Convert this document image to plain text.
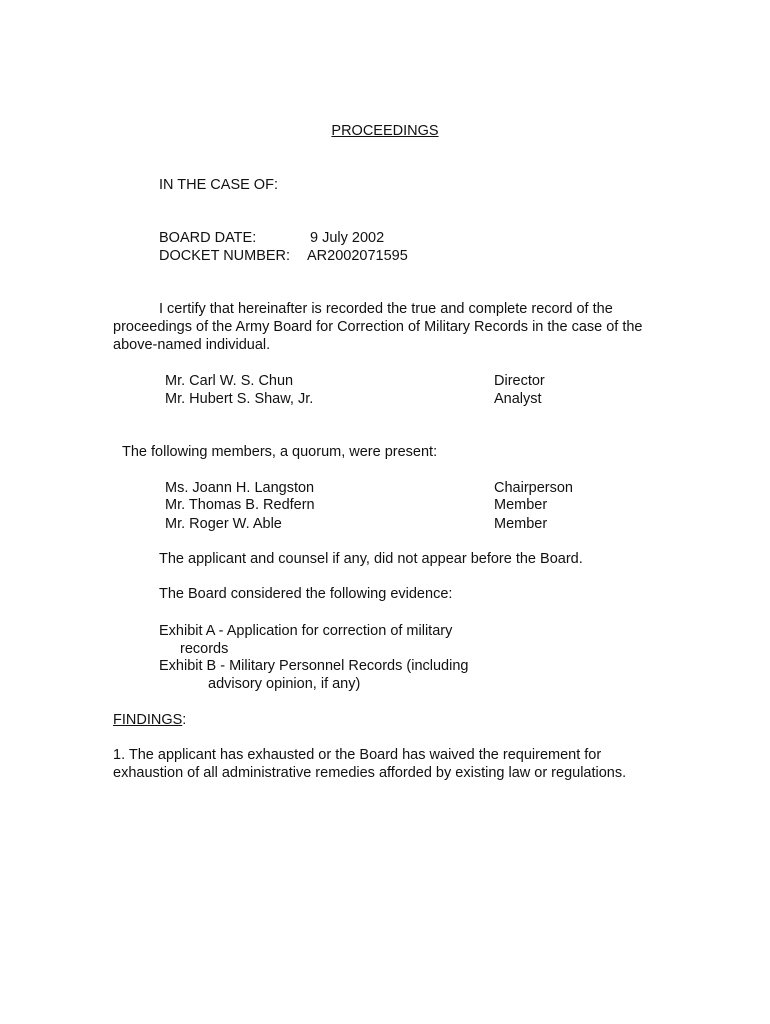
PROCEEDINGS
IN THE CASE OF:
BOARD DATE:	9 July 2002
DOCKET NUMBER: AR2002071595
I certify that hereinafter is recorded the true and complete record of the proceedings of the Army Board for Correction of Military Records in the case of the above-named individual.
Mr. Carl W. S. Chun	Director
Mr. Hubert S. Shaw, Jr.	Analyst
The following members, a quorum, were present:
Ms. Joann H. Langston	Chairperson
Mr. Thomas B. Redfern	Member
Mr. Roger W. Able	Member
The applicant and counsel if any, did not appear before the Board.
The Board considered the following evidence:
Exhibit A - Application for correction of military
records
Exhibit B - Military Personnel Records (including
advisory opinion, if any)
FINDINGS:
1. The applicant has exhausted or the Board has waived the requirement for exhaustion of all administrative remedies afforded by existing law or regulations.
